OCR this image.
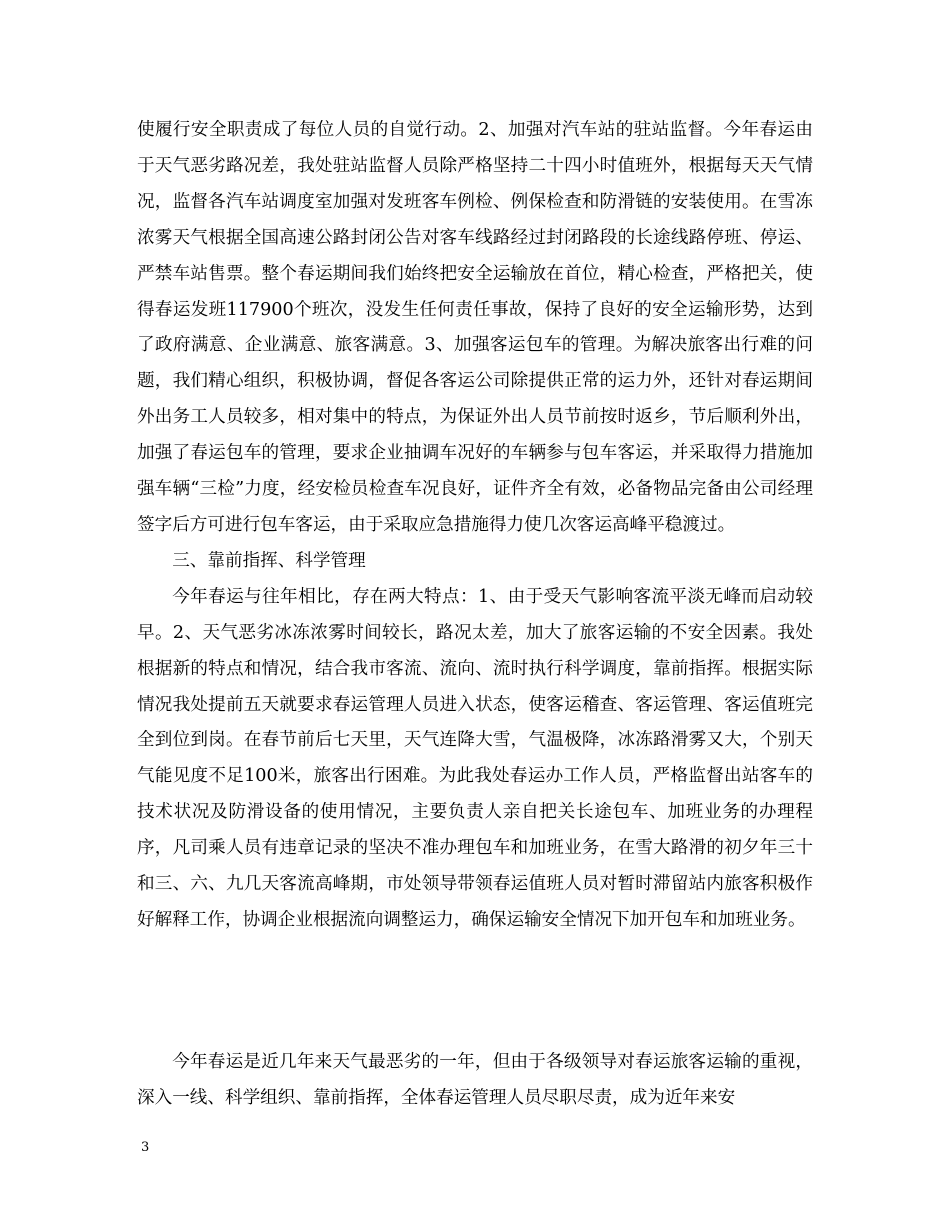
使履行安全职责成了每位人员的自觉行动。2、加强对汽车站的驻站监督。今年春运由于天气恶劣路况差，我处驻站监督人员除严格坚持二十四小时值班外，根据每天天气情况，监督各汽车站调度室加强对发班客车例检、例保检查和防滑链的安装使用。在雪冻浓雾天气根据全国高速公路封闭公告对客车线路经过封闭路段的长途线路停班、停运、严禁车站售票。整个春运期间我们始终把安全运输放在首位，精心检查，严格把关，使得春运发班117900个班次，没发生任何责任事故，保持了良好的安全运输形势，达到了政府满意、企业满意、旅客满意。3、加强客运包车的管理。为解决旅客出行难的问题，我们精心组织，积极协调，督促各客运公司除提供正常的运力外，还针对春运期间外出务工人员较多，相对集中的特点，为保证外出人员节前按时返乡，节后顺利外出，加强了春运包车的管理，要求企业抽调车况好的车辆参与包车客运，并采取得力措施加强车辆“三检”力度，经安检员检查车况良好，证件齐全有效，必备物品完备由公司经理签字后方可进行包车客运，由于采取应急措施得力使几次客运高峰平稳渡过。

三、靠前指挥、科学管理

今年春运与往年相比，存在两大特点：1、由于受天气影响客流平淡无峰而启动较早。2、天气恶劣冰冻浓雾时间较长，路况太差，加大了旅客运输的不安全因素。我处根据新的特点和情况，结合我市客流、流向、流时执行科学调度，靠前指挥。根据实际情况我处提前五天就要求春运管理人员进入状态，使客运稽查、客运管理、客运值班完全到位到岗。在春节前后七天里，天气连降大雪，气温极降，冰冻路滑雾又大，个别天气能见度不足100米，旅客出行困难。为此我处春运办工作人员，严格监督出站客车的技术状况及防滑设备的使用情况，主要负责人亲自把关长途包车、加班业务的办理程序，凡司乘人员有违章记录的坚决不准办理包车和加班业务，在雪大路滑的初夕年三十和三、六、九几天客流高峰期，市处领导带领春运值班人员对暂时滞留站内旅客积极作好解释工作，协调企业根据流向调整运力，确保运输安全情况下加开包车和加班业务。

今年春运是近几年来天气最恶劣的一年，但由于各级领导对春运旅客运输的重视，深入一线、科学组织、靠前指挥，全体春运管理人员尽职尽责，成为近年来安

3
